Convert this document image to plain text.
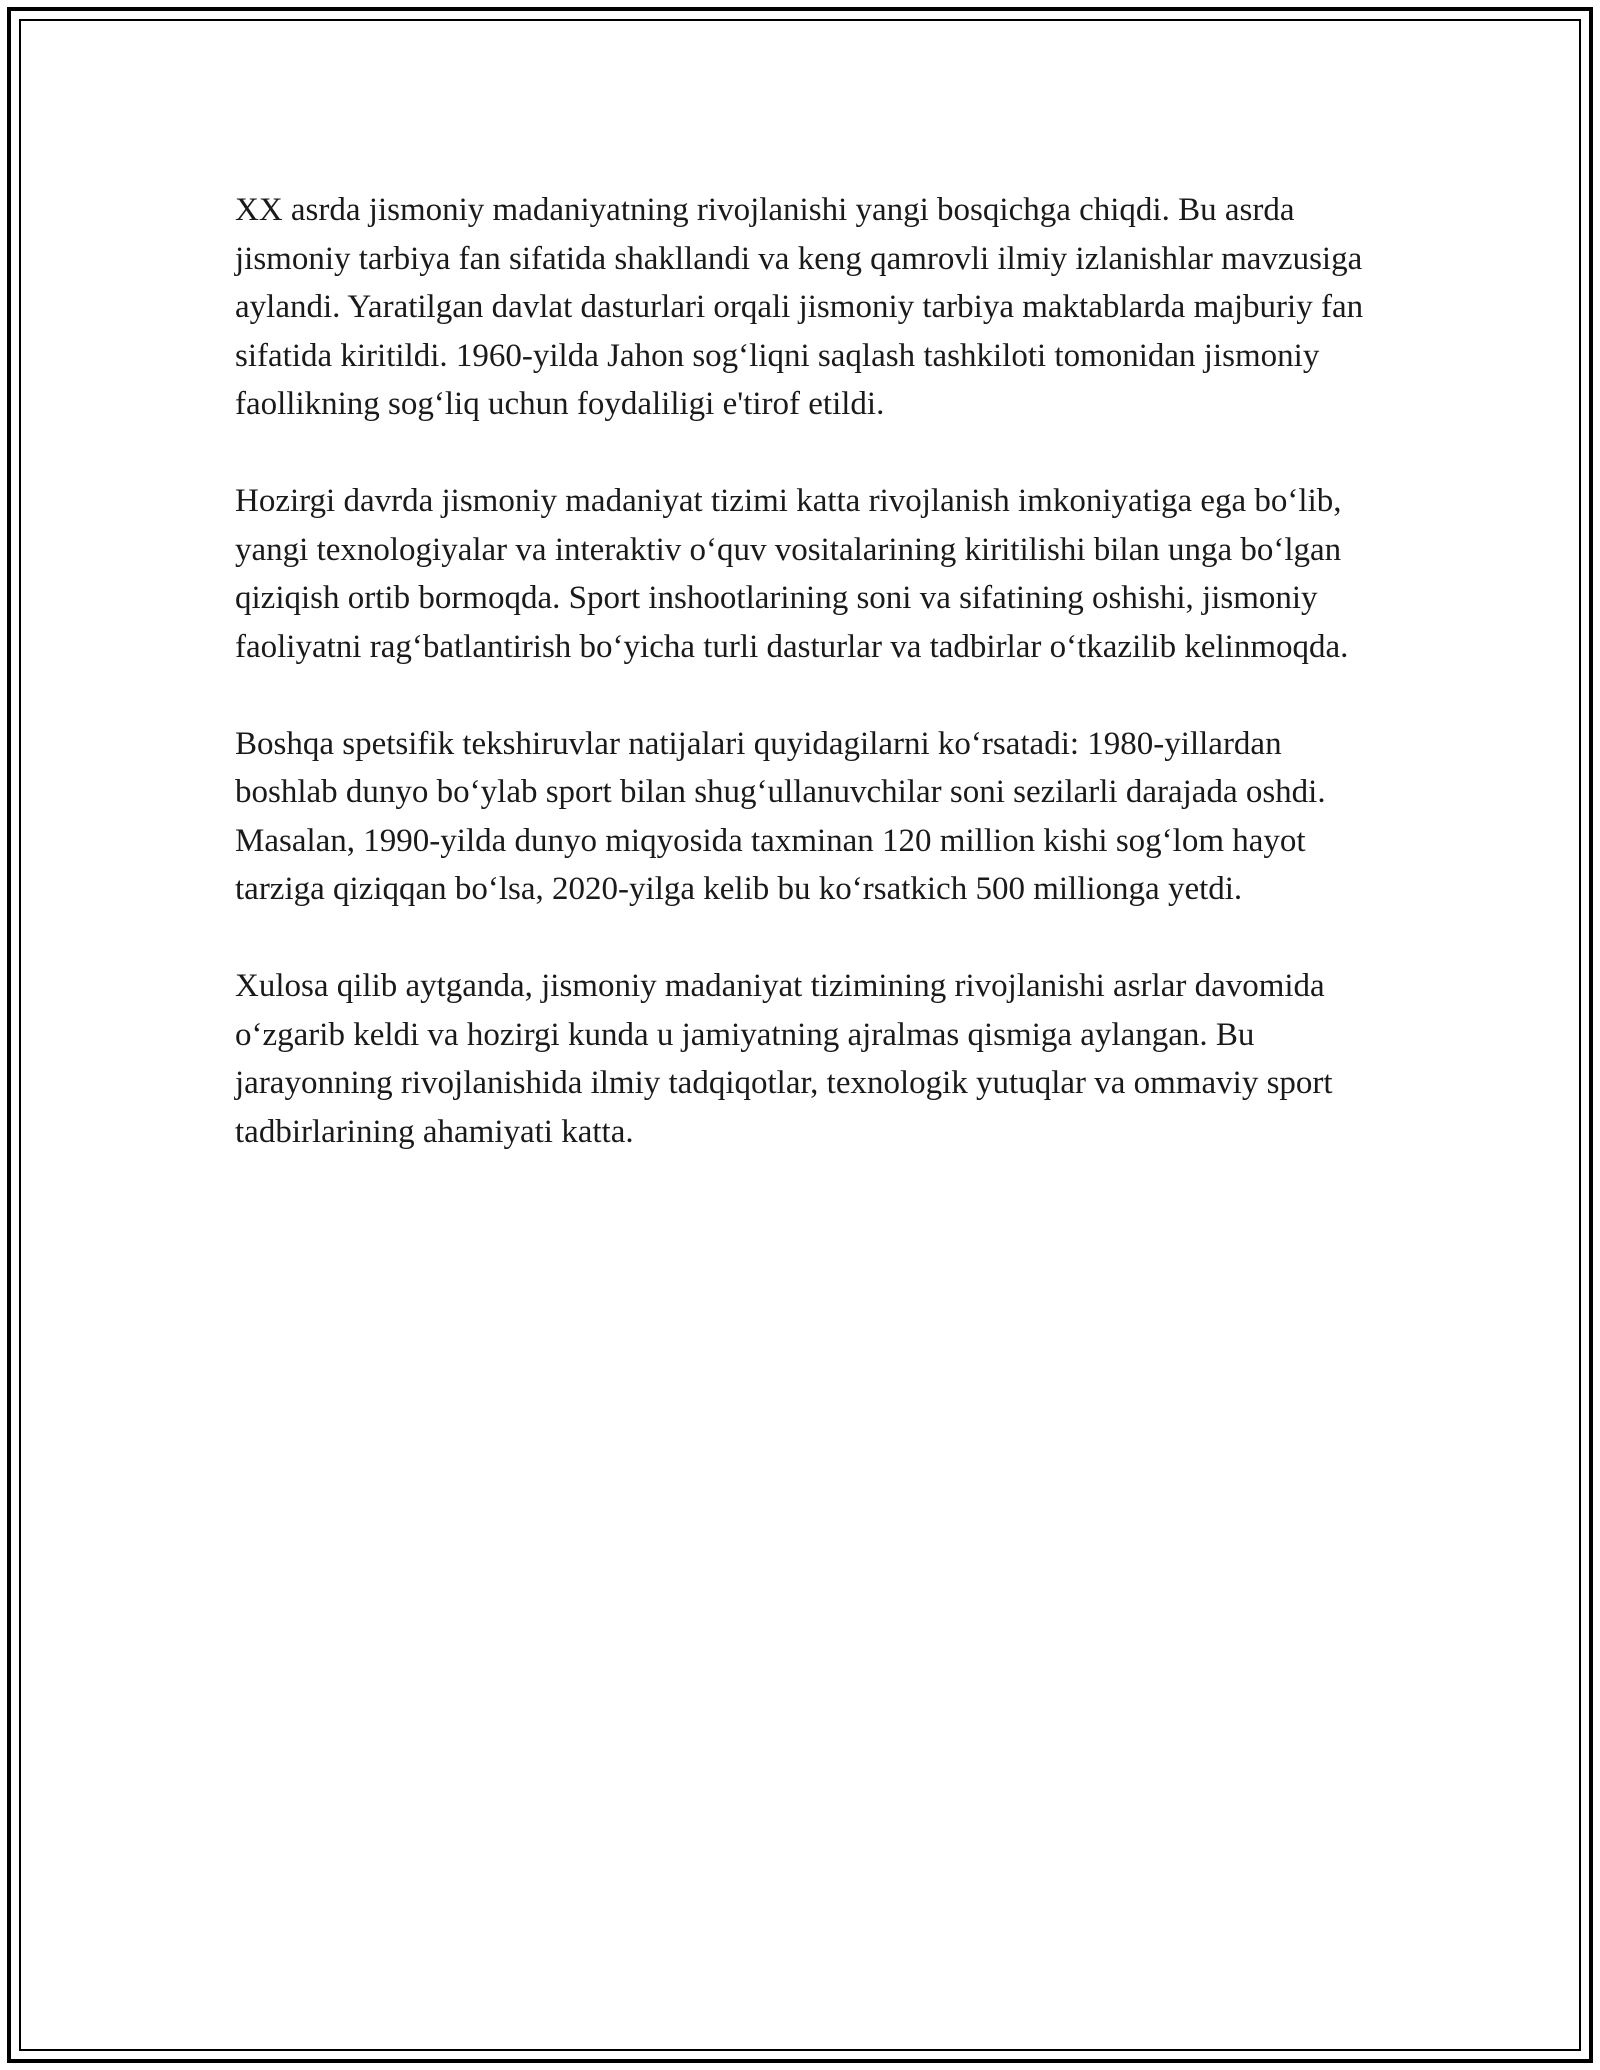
XX asrda jismoniy madaniyatning rivojlanishi yangi bosqichga chiqdi. Bu asrda jismoniy tarbiya fan sifatida shakllandi va keng qamrovli ilmiy izlanishlar mavzusiga aylandi. Yaratilgan davlat dasturlari orqali jismoniy tarbiya maktablarda majburiy fan sifatida kiritildi. 1960-yilda Jahon sog‘liqni saqlash tashkiloti tomonidan jismoniy faollikning sog‘liq uchun foydaliligi e'tirof etildi.

Hozirgi davrda jismoniy madaniyat tizimi katta rivojlanish imkoniyatiga ega bo‘lib, yangi texnologiyalar va interaktiv o‘quv vositalarining kiritilishi bilan unga bo‘lgan qiziqish ortib bormoqda. Sport inshootlarining soni va sifatining oshishi, jismoniy faoliyatni rag‘batlantirish bo‘yicha turli dasturlar va tadbirlar o‘tkazilib kelinmoqda.

Boshqa spetsifik tekshiruvlar natijalari quyidagilarni ko‘rsatadi: 1980-yillardan boshlab dunyo bo‘ylab sport bilan shug‘ullanuvchilar soni sezilarli darajada oshdi. Masalan, 1990-yilda dunyo miqyosida taxminan 120 million kishi sog‘lom hayot tarziga qiziqqan bo‘lsa, 2020-yilga kelib bu ko‘rsatkich 500 millionga yetdi.

Xulosa qilib aytganda, jismoniy madaniyat tizimining rivojlanishi asrlar davomida o‘zgarib keldi va hozirgi kunda u jamiyatning ajralmas qismiga aylangan. Bu jarayonning rivojlanishida ilmiy tadqiqotlar, texnologik yutuqlar va ommaviy sport tadbirlarining ahamiyati katta.
